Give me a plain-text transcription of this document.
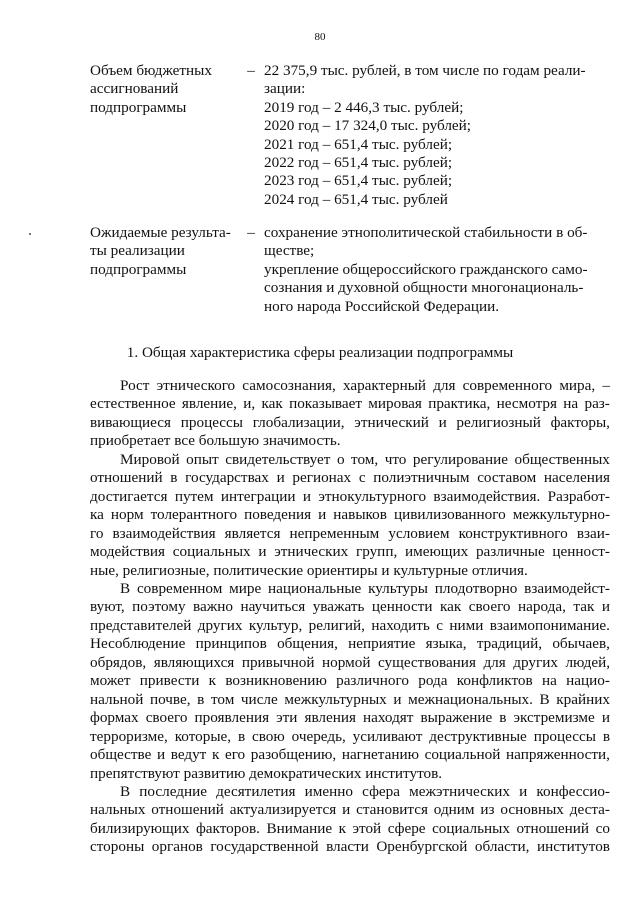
80
Объем бюджетных
ассигнований
подпрограммы
– 22 375,9 тыс. рублей, в том числе по годам реали-
зации:
2019 год – 2 446,3 тыс. рублей;
2020 год – 17 324,0 тыс. рублей;
2021 год – 651,4 тыс. рублей;
2022 год – 651,4 тыс. рублей;
2023 год – 651,4 тыс. рублей;
2024 год – 651,4 тыс. рублей
Ожидаемые результа-
ты реализации
подпрограммы
– сохранение этнополитической стабильности в об-
ществе;
укрепление общероссийского гражданского само-
сознания и духовной общности многонациональ-
ного народа Российской Федерации.
1. Общая характеристика сферы реализации подпрограммы
Рост этнического самосознания, характерный для современного мира, –
естественное явление, и, как показывает мировая практика, несмотря на раз-
вивающиеся процессы глобализации, этнический и религиозный факторы,
приобретает все большую значимость.
Мировой опыт свидетельствует о том, что регулирование общественных
отношений в государствах и регионах с полиэтничным составом населения
достигается путем интеграции и этнокультурного взаимодействия. Разработ-
ка норм толерантного поведения и навыков цивилизованного межкультурно-
го взаимодействия является непременным условием конструктивного взаи-
модействия социальных и этнических групп, имеющих различные ценност-
ные, религиозные, политические ориентиры и культурные отличия.
В современном мире национальные культуры плодотворно взаимодейст-
вуют, поэтому важно научиться уважать ценности как своего народа, так и
представителей других культур, религий, находить с ними взаимопонимание.
Несоблюдение принципов общения, неприятие языка, традиций, обычаев,
обрядов, являющихся привычной нормой существования для других людей,
может привести к возникновению различного рода конфликтов на нацио-
нальной почве, в том числе межкультурных и межнациональных. В крайних
формах своего проявления эти явления находят выражение в экстремизме и
терроризме, которые, в свою очередь, усиливают деструктивные процессы в
обществе и ведут к его разобщению, нагнетанию социальной напряженности,
препятствуют развитию демократических институтов.
В последние десятилетия именно сфера межэтнических и конфессио-
нальных отношений актуализируется и становится одним из основных деста-
билизирующих факторов. Внимание к этой сфере социальных отношений со
стороны органов государственной власти Оренбургской области, институтов
